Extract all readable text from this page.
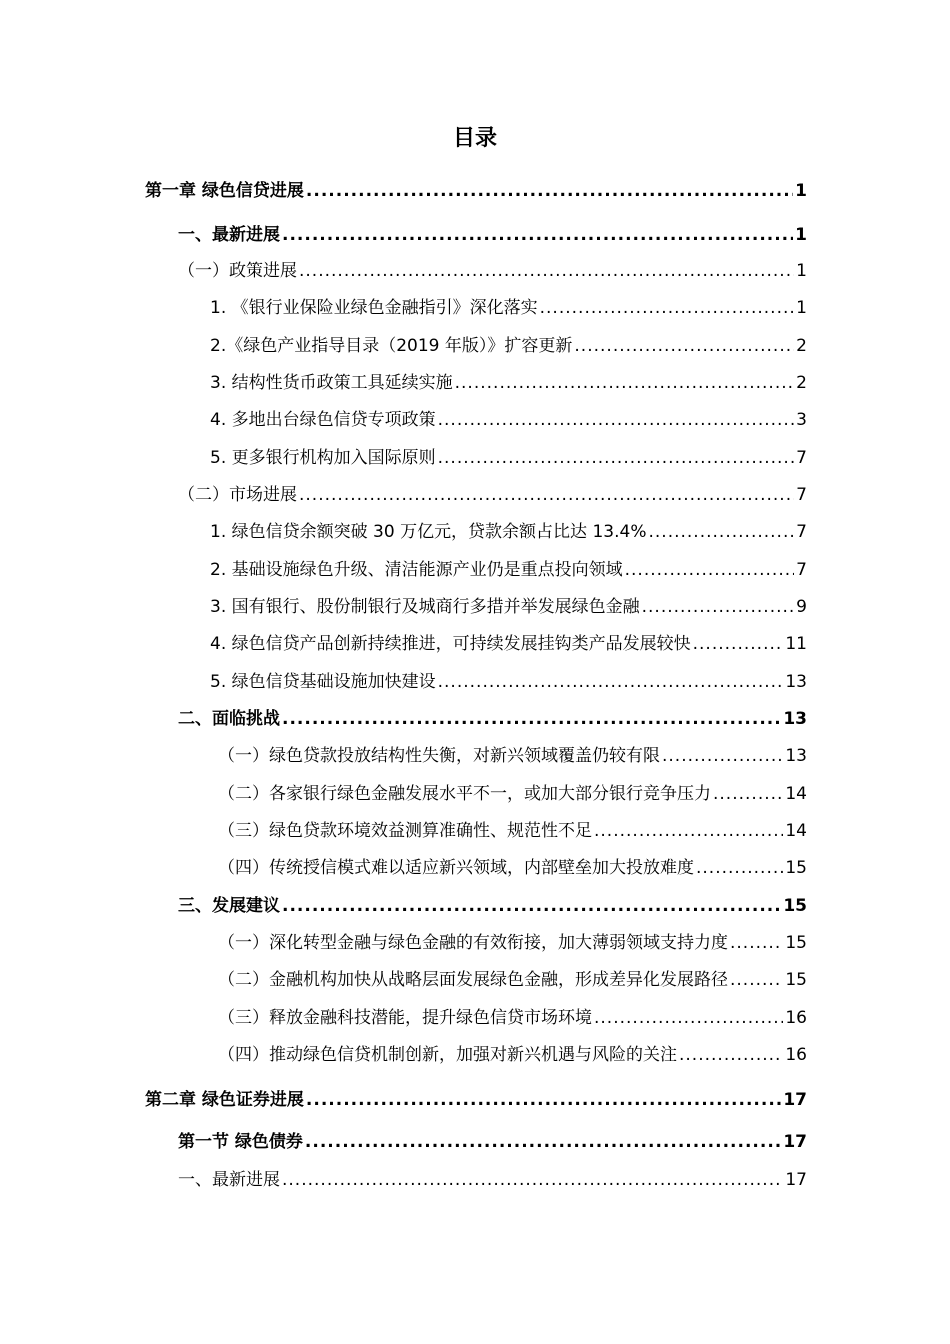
目录
第一章 绿色信贷进展 .....	1
一、最新进展 .....	1
（一）政策进展 .....	1
1. 《银行业保险业绿色金融指引》深化落实 .....	1
2.《绿色产业指导目录（2019 年版）》扩容更新 .....	2
3. 结构性货币政策工具延续实施 .....	2
4. 多地出台绿色信贷专项政策 .....	3
5. 更多银行机构加入国际原则 .....	7
（二）市场进展 .....	7
1. 绿色信贷余额突破 30 万亿元，贷款余额占比达 13.4% .....	7
2. 基础设施绿色升级、清洁能源产业仍是重点投向领域 .....	7
3. 国有银行、股份制银行及城商行多措并举发展绿色金融 .....	9
4. 绿色信贷产品创新持续推进，可持续发展挂钩类产品发展较快 .....	11
5. 绿色信贷基础设施加快建设 .....	13
二、面临挑战 .....	13
（一）绿色贷款投放结构性失衡，对新兴领域覆盖仍较有限 .....	13
（二）各家银行绿色金融发展水平不一，或加大部分银行竞争压力 .....	14
（三）绿色贷款环境效益测算准确性、规范性不足 .....	14
（四）传统授信模式难以适应新兴领域，内部壁垒加大投放难度 .....	15
三、发展建议 .....	15
（一）深化转型金融与绿色金融的有效衔接，加大薄弱领域支持力度 .....	15
（二）金融机构加快从战略层面发展绿色金融，形成差异化发展路径 .....	15
（三）释放金融科技潜能，提升绿色信贷市场环境 .....	16
（四）推动绿色信贷机制创新，加强对新兴机遇与风险的关注 .....	16
第二章 绿色证券进展 .....	17
第一节 绿色债券 .....	17
一、最新进展 .....	17
